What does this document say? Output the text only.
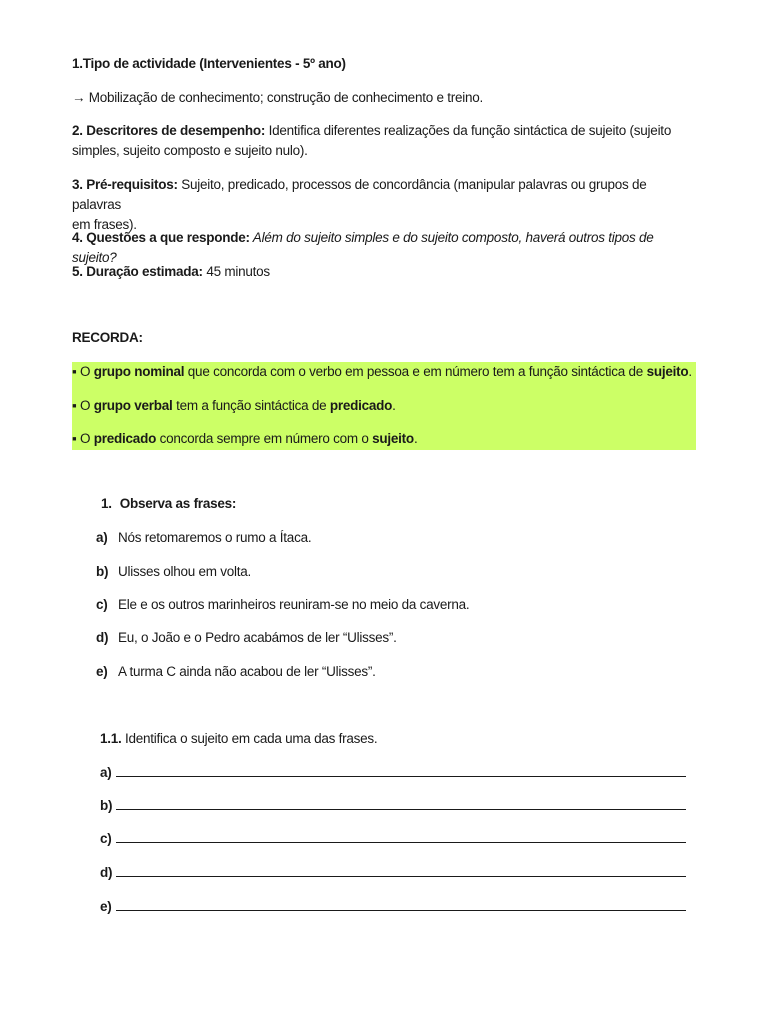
1.Tipo de actividade (Intervenientes - 5º ano)
→ Mobilização de conhecimento; construção de conhecimento e treino.
2. Descritores de desempenho: Identifica diferentes realizações da função sintáctica de sujeito (sujeito
simples, sujeito composto e sujeito nulo).
3. Pré-requisitos: Sujeito, predicado, processos de concordância (manipular palavras ou grupos de palavras
em frases).
4. Questões a que responde: Além do sujeito simples e do sujeito composto, haverá outros tipos de sujeito?
5. Duração estimada: 45 minutos
RECORDA:
▪ O grupo nominal que concorda com o verbo em pessoa e em número tem a função sintáctica de sujeito.
▪ O grupo verbal tem a função sintáctica de predicado.
▪ O predicado concorda sempre em número com o sujeito.
1. Observa as frases:
a) Nós retomaremos o rumo a Ítaca.
b) Ulisses olhou em volta.
c) Ele e os outros marinheiros reuniram-se no meio da caverna.
d) Eu, o João e o Pedro acabámos de ler “Ulisses”.
e) A turma C ainda não acabou de ler “Ulisses”.
1.1. Identifica o sujeito em cada uma das frases.
a)
b)
c)
d)
e)
